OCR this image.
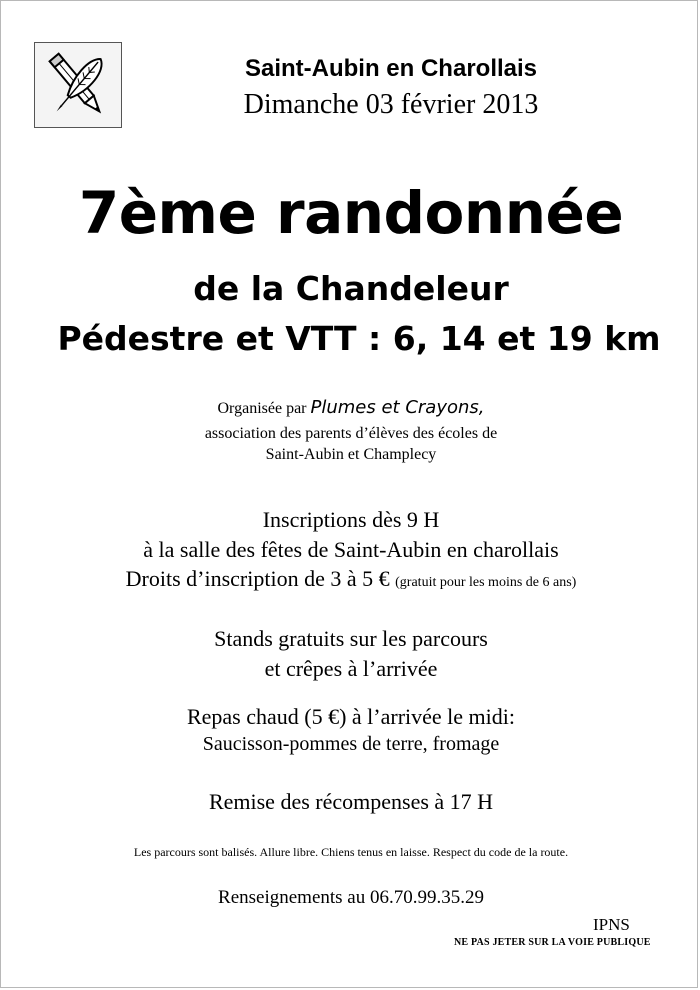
Saint-Aubin en Charollais
Dimanche 03 février 2013
7ème randonnée
de la Chandeleur
Pédestre et VTT : 6, 14 et 19 km
Organisée par Plumes et Crayons,
association des parents d’élèves des écoles de
Saint-Aubin et Champlecy
Inscriptions dès 9 H
à la salle des fêtes de Saint-Aubin en charollais
Droits d’inscription de 3 à 5 € (gratuit pour les moins de 6 ans)
Stands gratuits sur les parcours
et crêpes à l’arrivée
Repas chaud (5 €) à l’arrivée le midi:
Saucisson-pommes de terre, fromage
Remise des récompenses à 17 H
Les parcours sont balisés. Allure libre. Chiens tenus en laisse. Respect du code de la route.
Renseignements au 06.70.99.35.29
IPNS
NE PAS JETER SUR LA VOIE PUBLIQUE
